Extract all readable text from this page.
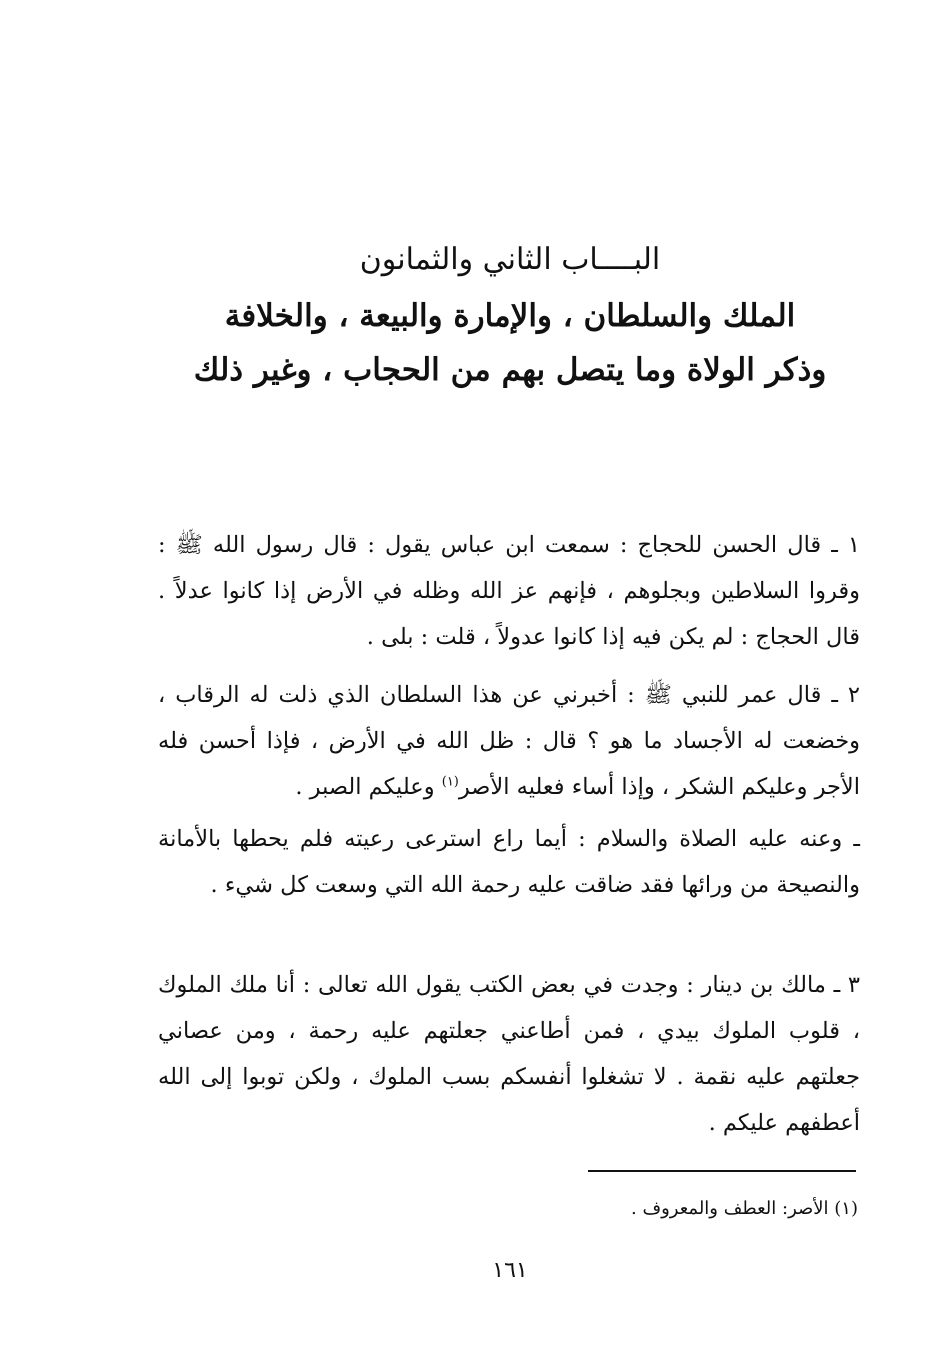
البــــاب الثاني والثمانون
الملك والسلطان ، والإمارة والبيعة ، والخلافة
وذكر الولاة وما يتصل بهم من الحجاب ، وغير ذلك

١ ـ قال الحسن للحجاج : سمعت ابن عباس يقول : قال رسول الله ﷺ : وقروا السلاطين وبجلوهم ، فإنهم عز الله وظله في الأرض إذا كانوا عدلاً . قال الحجاج : لم يكن فيه إذا كانوا عدولاً ، قلت : بلى .

٢ ـ قال عمر للنبي ﷺ : أخبرني عن هذا السلطان الذي ذلت له الرقاب ، وخضعت له الأجساد ما هو ؟ قال : ظل الله في الأرض ، فإذا أحسن فله الأجر وعليكم الشكر ، وإذا أساء فعليه الأصر$^{(١)}$ وعليكم الصبر .

ـ وعنه عليه الصلاة والسلام : أيما راع استرعى رعيته فلم يحطها بالأمانة والنصيحة من ورائها فقد ضاقت عليه رحمة الله التي وسعت كل شيء .

٣ ـ مالك بن دينار : وجدت في بعض الكتب يقول الله تعالى : أنا ملك الملوك ، قلوب الملوك بيدي ، فمن أطاعني جعلتهم عليه رحمة ، ومن عصاني جعلتهم عليه نقمة . لا تشغلوا أنفسكم بسب الملوك ، ولكن توبوا إلى الله أعطفهم عليكم .

(١) الأصر: العطف والمعروف .
١٦١
